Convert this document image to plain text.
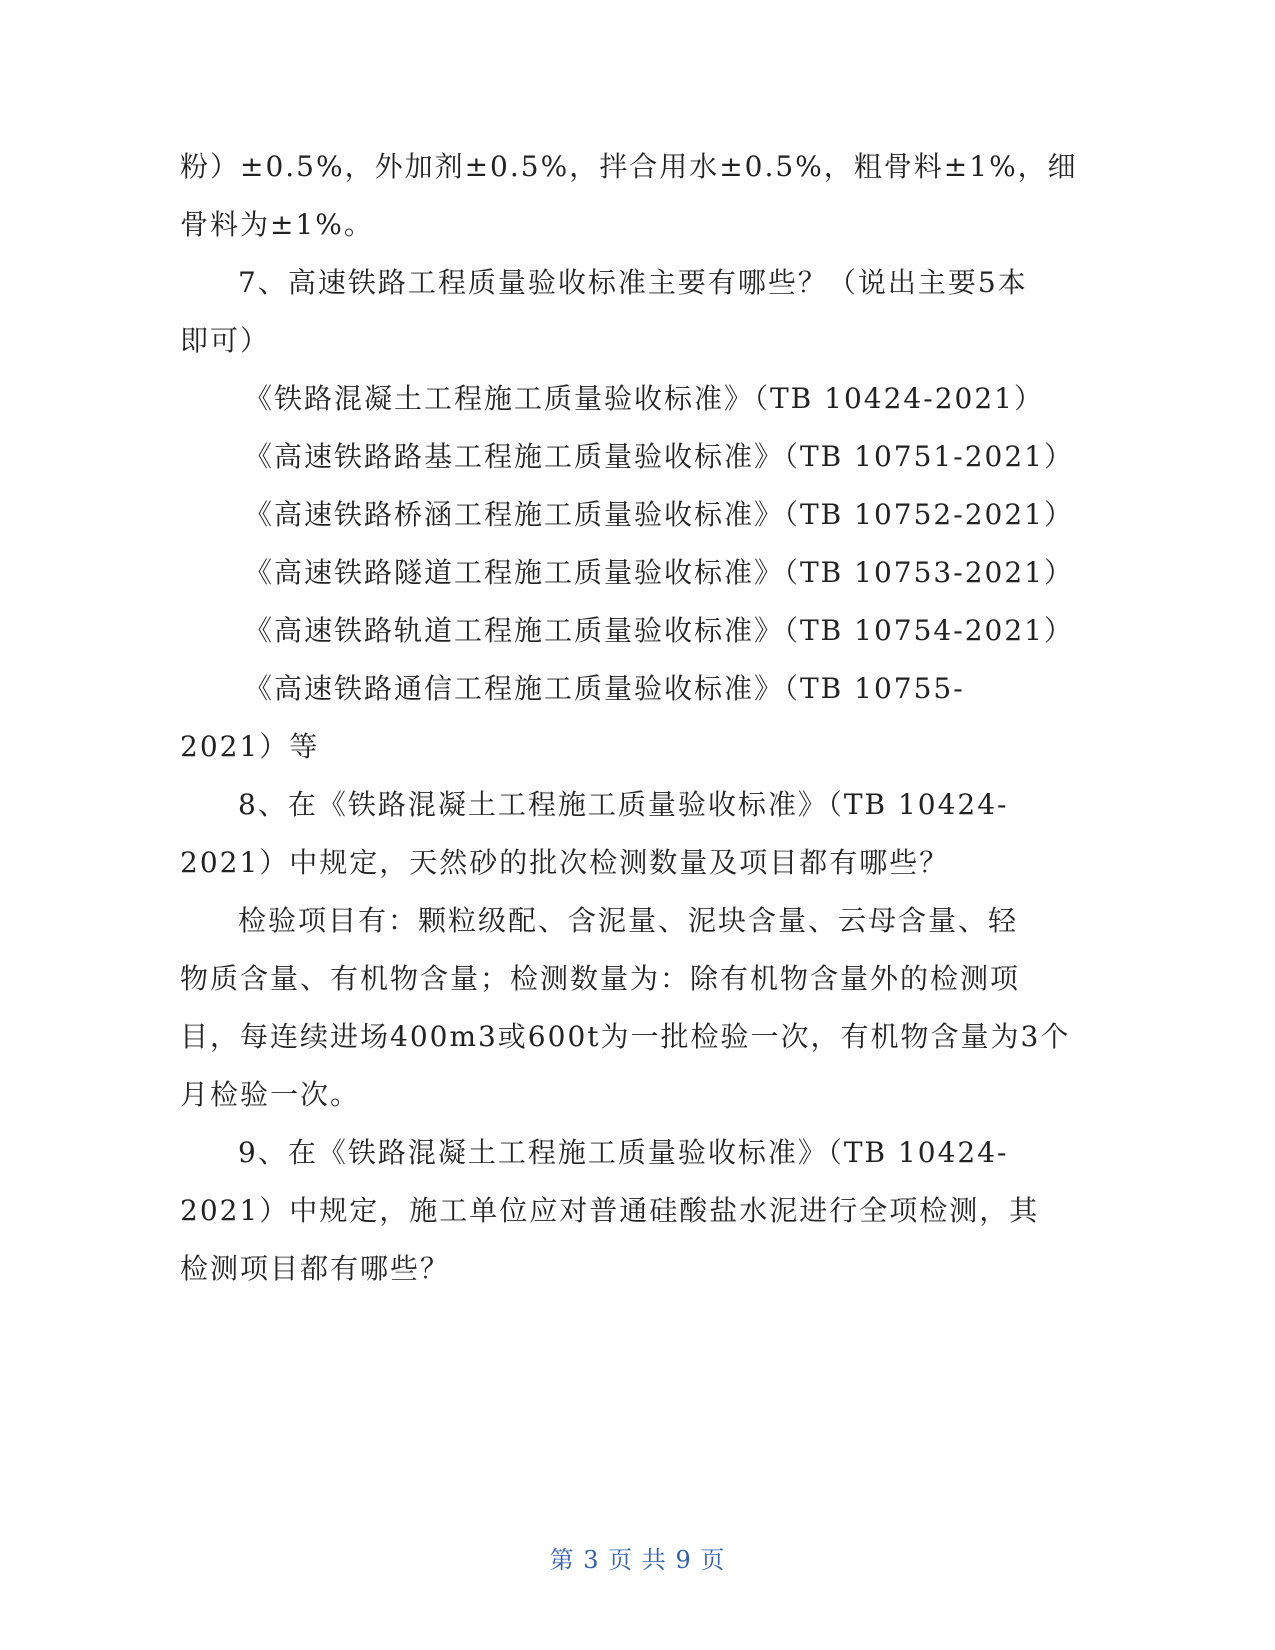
粉）±0.5%，外加剂±0.5%，拌合用水±0.5%，粗骨料±1%，细
骨料为±1%。
7、高速铁路工程质量验收标准主要有哪些？（说出主要5本
即可）
《铁路混凝土工程施工质量验收标准》（TB 10424-2021）
《高速铁路路基工程施工质量验收标准》（TB 10751-2021）
《高速铁路桥涵工程施工质量验收标准》（TB 10752-2021）
《高速铁路隧道工程施工质量验收标准》（TB 10753-2021）
《高速铁路轨道工程施工质量验收标准》（TB 10754-2021）
《高速铁路通信工程施工质量验收标准》（TB 10755-
2021）等
8、在《铁路混凝土工程施工质量验收标准》（TB 10424-
2021）中规定，天然砂的批次检测数量及项目都有哪些？
检验项目有：颗粒级配、含泥量、泥块含量、云母含量、轻
物质含量、有机物含量；检测数量为：除有机物含量外的检测项
目，每连续进场400m3或600t为一批检验一次，有机物含量为3个
月检验一次。
9、在《铁路混凝土工程施工质量验收标准》（TB 10424-
2021）中规定，施工单位应对普通硅酸盐水泥进行全项检测，其
检测项目都有哪些？
第 3 页 共 9 页
